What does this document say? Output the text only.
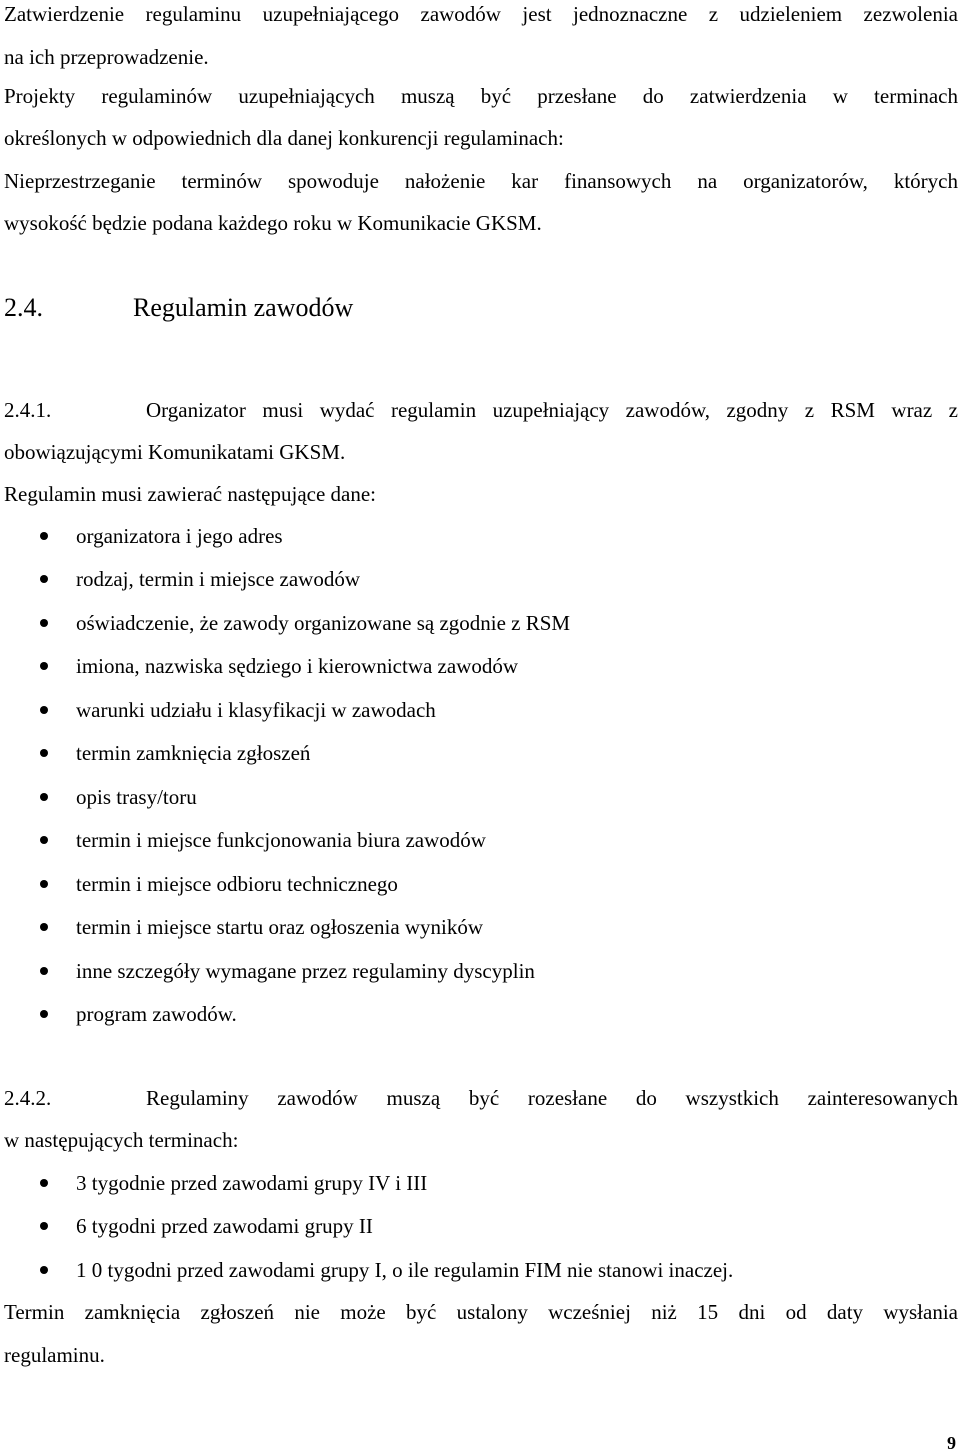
Zatwierdzenie regulaminu uzupełniającego zawodów jest jednoznaczne z udzieleniem zezwolenia
na ich przeprowadzenie.
Projekty regulaminów uzupełniających muszą być przesłane do zatwierdzenia w terminach
określonych w odpowiednich dla danej konkurencji regulaminach:
Nieprzestrzeganie terminów spowoduje nałożenie kar finansowych na organizatorów, których
wysokość będzie podana każdego roku w Komunikacie GKSM.
2.4.	Regulamin zawodów
2.4.1.	Organizator musi wydać regulamin uzupełniający zawodów, zgodny z RSM wraz z
obowiązującymi Komunikatami GKSM.
Regulamin musi zawierać następujące dane:
organizatora i jego adres
rodzaj, termin i miejsce zawodów
oświadczenie, że zawody organizowane są zgodnie z RSM
imiona, nazwiska sędziego i kierownictwa zawodów
warunki udziału i klasyfikacji w zawodach
termin zamknięcia zgłoszeń
opis trasy/toru
termin i miejsce funkcjonowania biura zawodów
termin i miejsce odbioru technicznego
termin i miejsce startu oraz ogłoszenia wyników
inne szczegóły wymagane przez regulaminy dyscyplin
program zawodów.
2.4.2.	Regulaminy zawodów muszą być rozesłane do wszystkich zainteresowanych
w następujących terminach:
3 tygodnie przed zawodami grupy IV i III
6 tygodni przed zawodami grupy II
1 0 tygodni przed zawodami grupy I, o ile regulamin FIM nie stanowi inaczej.
Termin zamknięcia zgłoszeń nie może być ustalony wcześniej niż 15 dni od daty wysłania
regulaminu.
9
